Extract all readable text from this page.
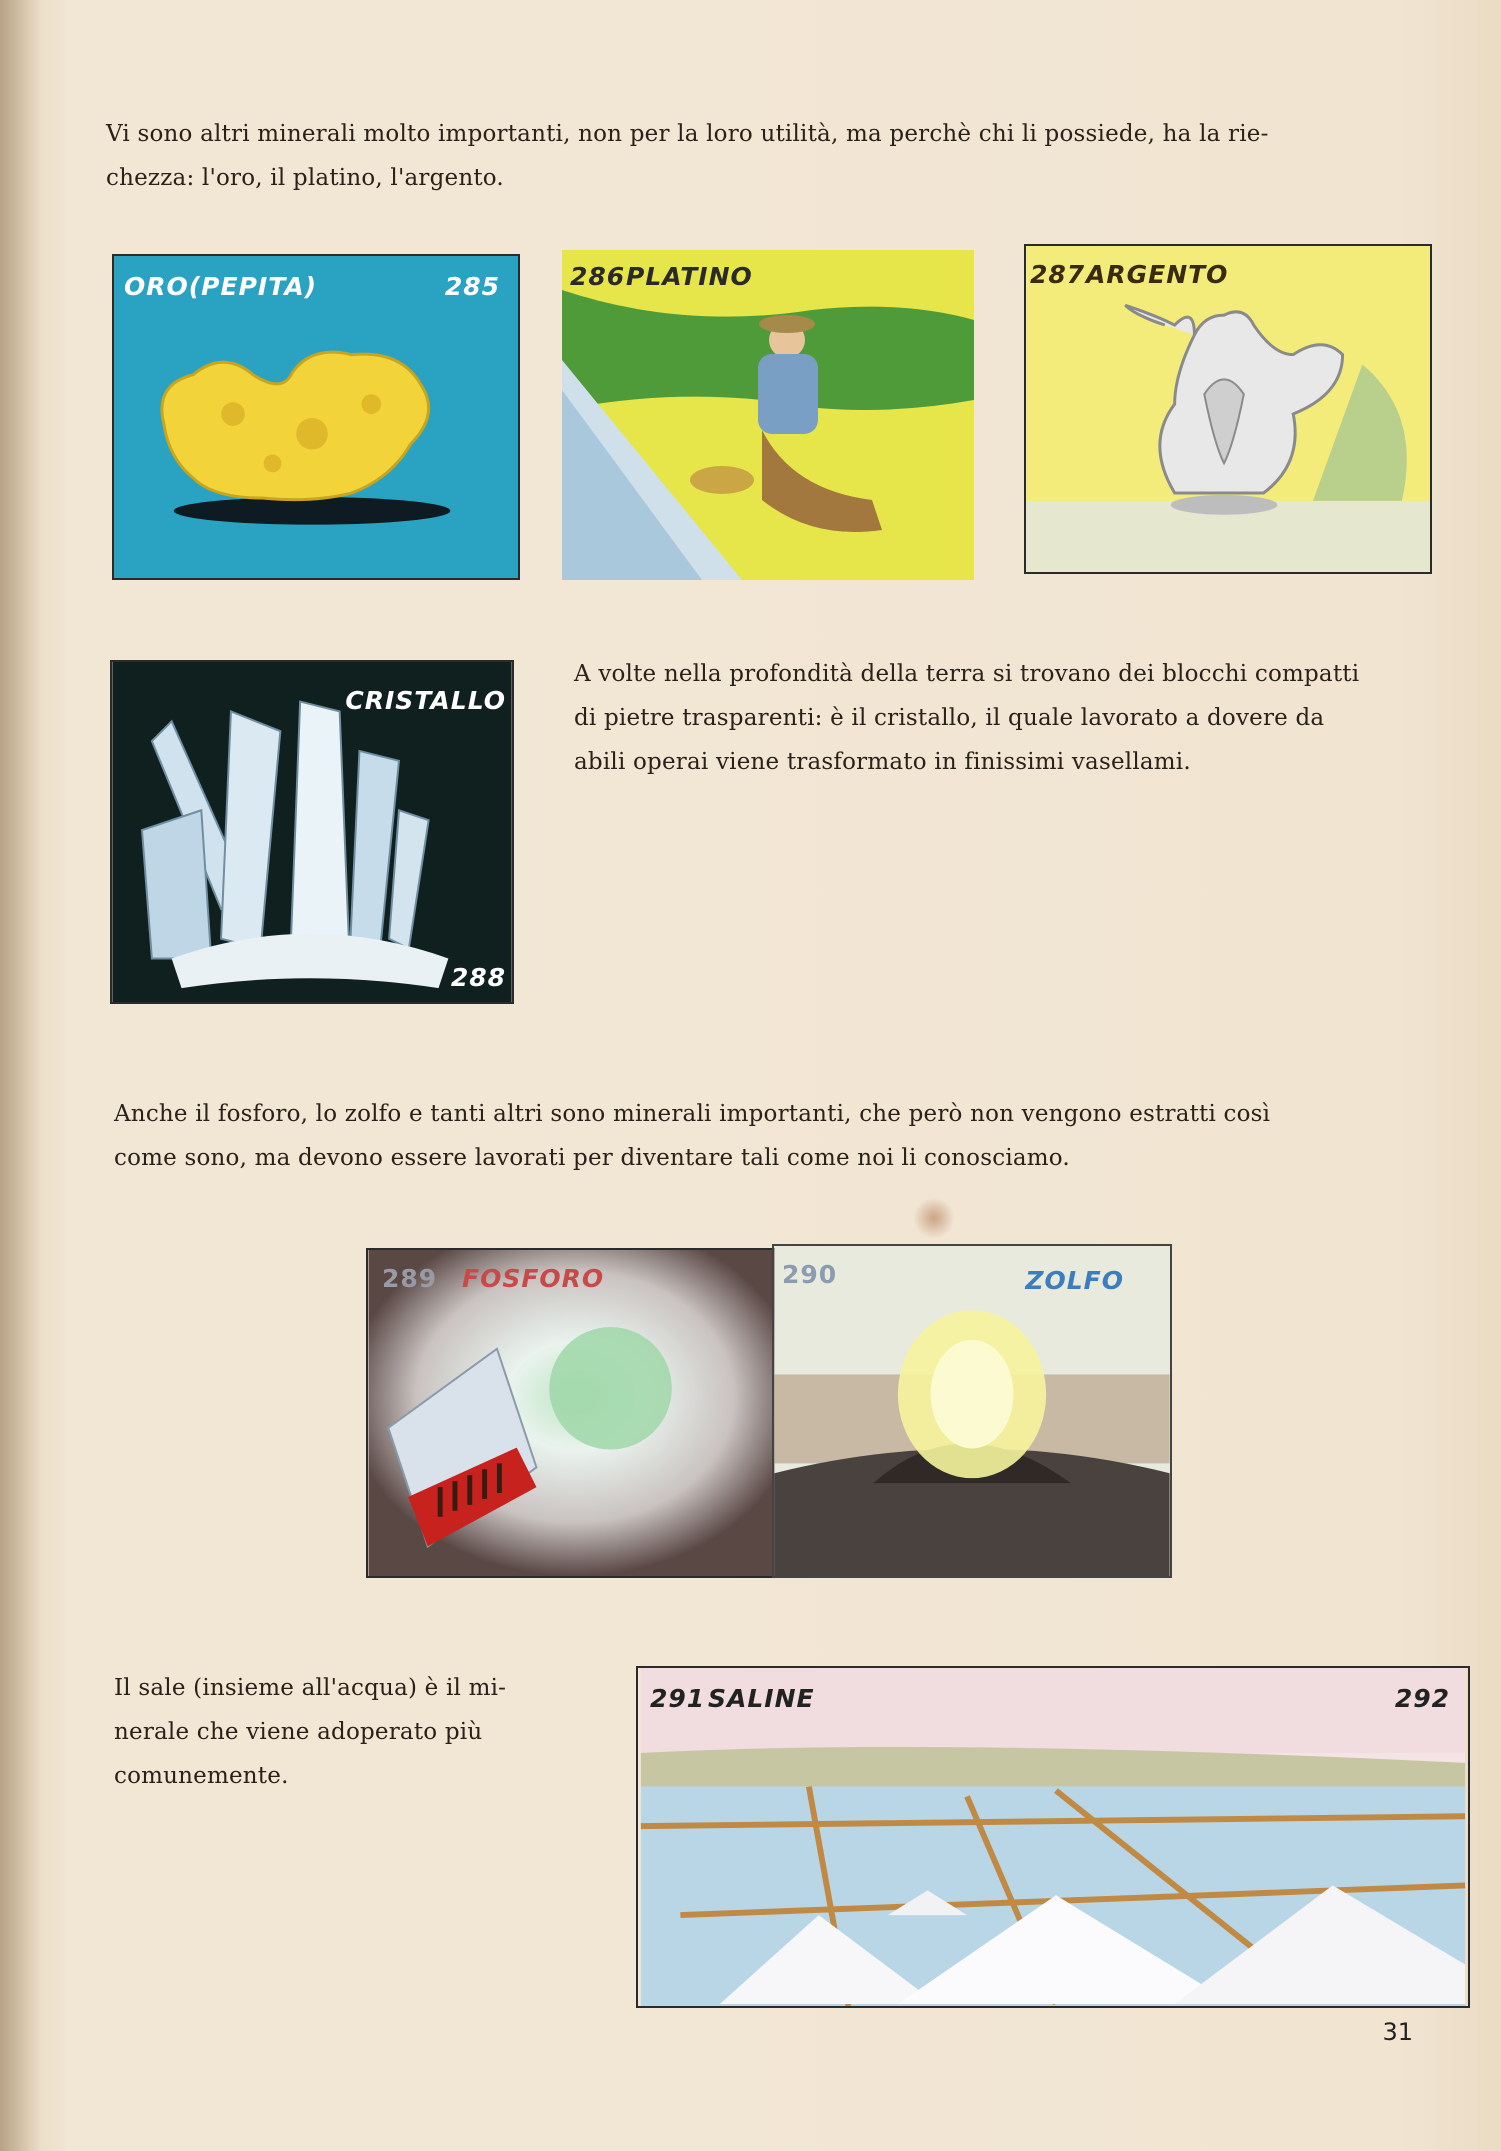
Vi sono altri minerali molto importanti, non per la loro utilità, ma perchè chi li possiede, ha la rie-

chezza: l'oro, il platino, l'argento.

ORO(PEPITA)	285	286 PLATINO	287 ARGENTO
CRISTALLO
288

A volte nella profondità della terra si trovano dei blocchi compatti

di pietre trasparenti: è il cristallo, il quale lavorato a dovere da

abili operai viene trasformato in finissimi vasellami.

Anche il fosforo, lo zolfo e tanti altri sono minerali importanti, che però non vengono estratti così

come sono, ma devono essere lavorati per diventare tali come noi li conosciamo.

289 FOSFORO	290	ZOLFO

Il sale (insieme all'acqua) è il mi-

nerale che viene adoperato più

comunemente.

291 SALINE	292
31
